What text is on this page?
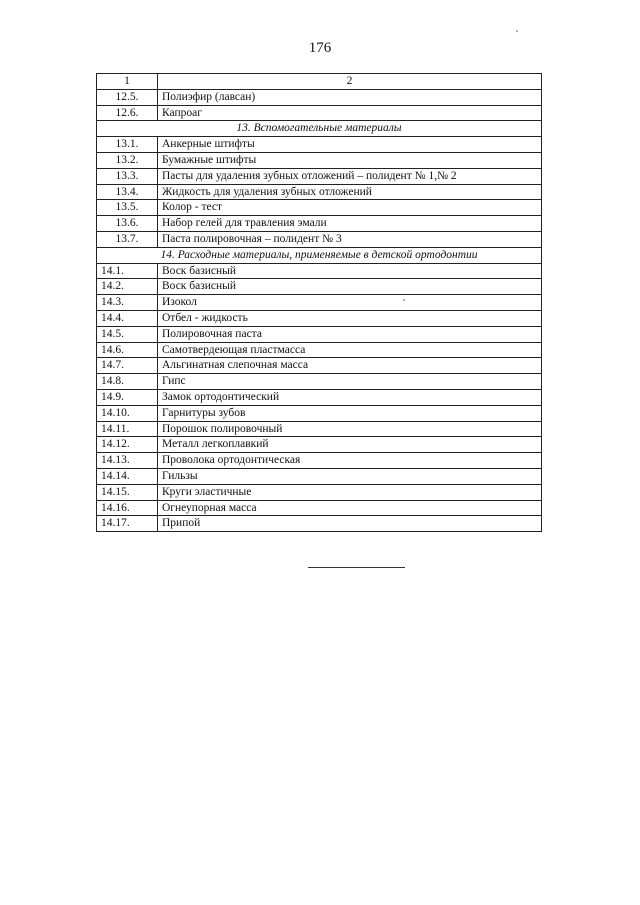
176
1	2
12.5.	Полиэфир (лавсан)
12.6.	Капроаг
13. Вспомогательные материалы	
13.1.	Анкерные штифты
13.2.	Бумажные штифты
13.3.	Пасты для удаления зубных отложений – полидент № 1,№ 2
13.4.	Жидкость для удаления зубных отложений
13.5.	Колор - тест
13.6.	Набор гелей для травления эмали
13.7.	Паста полировочная – полидент № 3
14. Расходные материалы, применяемые в детской ортодонтии	
14.1.	Воск базисный
14.2.	Воск базисный
14.3.	Изокол
14.4.	Отбел - жидкость
14.5.	Полировочная паста
14.6.	Самотвердеющая пластмасса
14.7.	Альгинатная слепочная масса
14.8.	Гипс
14.9.	Замок ортодонтический
14.10.	Гарнитуры зубов
14.11.	Порошок полировочный
14.12.	Металл легкоплавкий
14.13.	Проволока ортодонтическая
14.14.	Гильзы
14.15.	Круги эластичные
14.16.	Огнеупорная масса
14.17.	Припой
